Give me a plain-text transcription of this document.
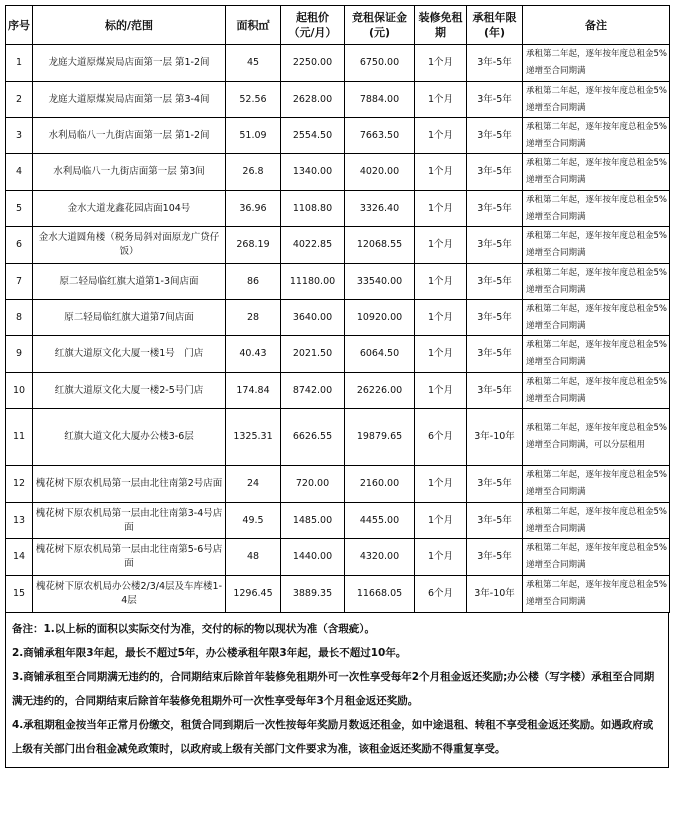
序号	标的/范围	面积㎡	起租价（元/月）	竞租保证金(元)	装修免租期	承租年限(年)	备注
1	龙庭大道原煤炭局店面第一层 第1-2间	45	2250.00	6750.00	1个月	3年-5年	承租第二年起，逐年按年度总租金5%递增至合同期满
2	龙庭大道原煤炭局店面第一层 第3-4间	52.56	2628.00	7884.00	1个月	3年-5年	承租第二年起，逐年按年度总租金5%递增至合同期满
3	水利局临八一九街店面第一层 第1-2间	51.09	2554.50	7663.50	1个月	3年-5年	承租第二年起，逐年按年度总租金5%递增至合同期满
4	水利局临八一九街店面第一层 第3间	26.8	1340.00	4020.00	1个月	3年-5年	承租第二年起，逐年按年度总租金5%递增至合同期满
5	金水大道龙鑫花园店面104号	36.96	1108.80	3326.40	1个月	3年-5年	承租第二年起，逐年按年度总租金5%递增至合同期满
6	金水大道圆角楼（税务局斜对面原龙广贷仔饭）	268.19	4022.85	12068.55	1个月	3年-5年	承租第二年起，逐年按年度总租金5%递增至合同期满
7	原二轻局临红旗大道第1-3间店面	86	11180.00	33540.00	1个月	3年-5年	承租第二年起，逐年按年度总租金5%递增至合同期满
8	原二轻局临红旗大道第7间店面	28	3640.00	10920.00	1个月	3年-5年	承租第二年起，逐年按年度总租金5%递增至合同期满
9	红旗大道原文化大厦一楼1号　门店	40.43	2021.50	6064.50	1个月	3年-5年	承租第二年起，逐年按年度总租金5%递增至合同期满
10	红旗大道原文化大厦一楼2-5号门店	174.84	8742.00	26226.00	1个月	3年-5年	承租第二年起，逐年按年度总租金5%递增至合同期满
11	红旗大道文化大厦办公楼3-6层	1325.31	6626.55	19879.65	6个月	3年-10年	承租第二年起，逐年按年度总租金5%递增至合同期满，可以分层租用
12	槐花树下原农机局第一层由北往南第2号店面	24	720.00	2160.00	1个月	3年-5年	承租第二年起，逐年按年度总租金5%递增至合同期满
13	槐花树下原农机局第一层由北往南第3-4号店面	49.5	1485.00	4455.00	1个月	3年-5年	承租第二年起，逐年按年度总租金5%递增至合同期满
14	槐花树下原农机局第一层由北往南第5-6号店面	48	1440.00	4320.00	1个月	3年-5年	承租第二年起，逐年按年度总租金5%递增至合同期满
15	槐花树下原农机局办公楼2/3/4层及车库楼1-4层	1296.45	3889.35	11668.05	6个月	3年-10年	承租第二年起，逐年按年度总租金5%递增至合同期满

备注：1.以上标的面积以实际交付为准，交付的标的物以现状为准（含瑕疵）。

2.商铺承租年限3年起，最长不超过5年，办公楼承租年限3年起，最长不超过10年。

3.商铺承租至合同期满无违约的，合同期结束后除首年装修免租期外可一次性享受每年2个月租金返还奖励;办公楼（写字楼）承租至合同期满无违约的，合同期结束后除首年装修免租期外可一次性享受每年3个月租金返还奖励。

4.承租期租金按当年正常月份缴交，租赁合同到期后一次性按每年奖励月数返还租金，如中途退租、转租不享受租金返还奖励。如遇政府或上级有关部门出台租金减免政策时，以政府或上级有关部门文件要求为准，该租金返还奖励不得重复享受。
